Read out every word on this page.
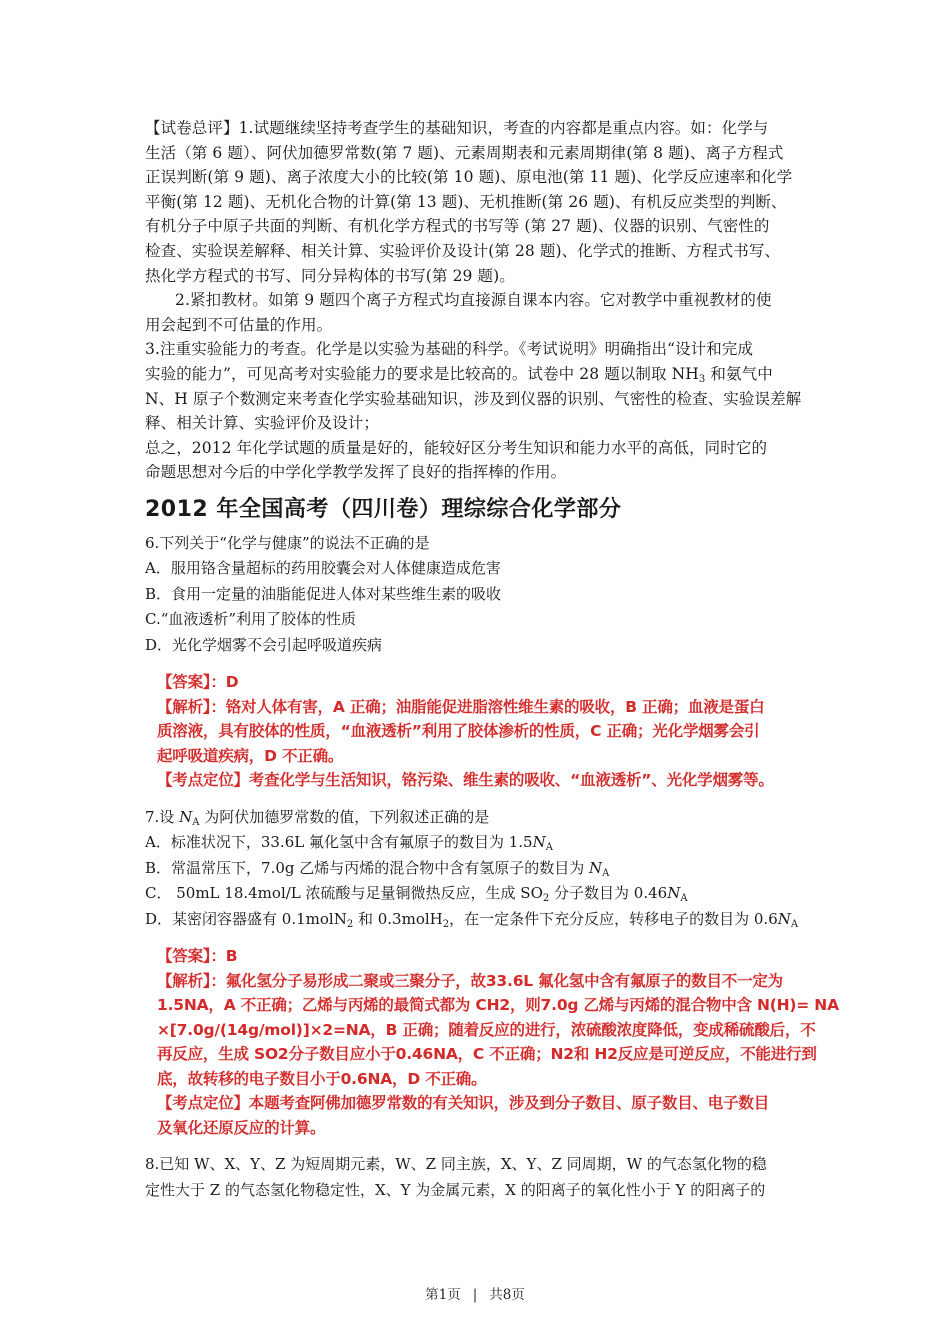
【试卷总评】1.试题继续坚持考查学生的基础知识，考查的内容都是重点内容。如：化学与
生活（第 6 题）、阿伏加德罗常数(第 7 题)、元素周期表和元素周期律(第 8 题)、离子方程式
正误判断(第 9 题)、离子浓度大小的比较(第 10 题)、原电池(第 11 题)、化学反应速率和化学
平衡(第 12 题)、无机化合物的计算(第 13 题)、无机推断(第 26 题)、有机反应类型的判断、
有机分子中原子共面的判断、有机化学方程式的书写等 (第 27 题)、仪器的识别、气密性的
检查、实验误差解释、相关计算、实验评价及设计(第 28 题)、化学式的推断、方程式书写、
热化学方程式的书写、同分异构体的书写(第 29 题)。
2.紧扣教材。如第 9 题四个离子方程式均直接源自课本内容。它对教学中重视教材的使
用会起到不可估量的作用。
3.注重实验能力的考查。化学是以实验为基础的科学。《考试说明》明确指出“设计和完成
实验的能力”，可见高考对实验能力的要求是比较高的。试卷中 28 题以制取 $NH_3$ 和氨气中
N、H 原子个数测定来考查化学实验基础知识，涉及到仪器的识别、气密性的检查、实验误差解
释、相关计算、实验评价及设计；
总之，2012 年化学试题的质量是好的，能较好区分考生知识和能力水平的高低，同时它的
命题思想对今后的中学化学教学发挥了良好的指挥棒的作用。
2012 年全国高考（四川卷）理综综合化学部分
6.下列关于“化学与健康”的说法不正确的是
A．服用铬含量超标的药用胶囊会对人体健康造成危害
B．食用一定量的油脂能促进人体对某些维生素的吸收
C.“血液透析”利用了胶体的性质
D．光化学烟雾不会引起呼吸道疾病
【答案】：D
【解析】：铬对人体有害，A 正确；油脂能促进脂溶性维生素的吸收，B 正确；血液是蛋白
质溶液，具有胶体的性质，“血液透析”利用了胶体渗析的性质，C 正确；光化学烟雾会引
起呼吸道疾病，D 不正确。
【考点定位】考查化学与生活知识，铬污染、维生素的吸收、“血液透析”、光化学烟雾等。
7.设 $N_A$ 为阿伏加德罗常数的值，下列叙述正确的是
A．标准状况下，33.6L 氟化氢中含有氟原子的数目为 $1.5N_A$
B．常温常压下，7.0g 乙烯与丙烯的混合物中含有氢原子的数目为 $N_A$
C． 50mL 18.4mol/L 浓硫酸与足量铜微热反应，生成 $SO_2$ 分子数目为 $0.46N_A$
D．某密闭容器盛有 0.1molN$_2$ 和 0.3molH$_2$，在一定条件下充分反应，转移电子的数目为 $0.6N_A$
【答案】：B
【解析】：氟化氢分子易形成二聚或三聚分子，故33.6L 氟化氢中含有氟原子的数目不一定为
1.5NA，A 不正确；乙烯与丙烯的最简式都为 CH2，则7.0g 乙烯与丙烯的混合物中含 N(H)= NA
×[7.0g/(14g/mol)]×2=NA，B 正确；随着反应的进行，浓硫酸浓度降低，变成稀硫酸后，不
再反应，生成 SO2分子数目应小于0.46NA，C 不正确；N2和 H2反应是可逆反应，不能进行到
底，故转移的电子数目小于0.6NA，D 不正确。
【考点定位】本题考查阿佛加德罗常数的有关知识，涉及到分子数目、原子数目、电子数目
及氧化还原反应的计算。
8.已知 W、X、Y、Z 为短周期元素，W、Z 同主族，X、Y、Z 同周期，W 的气态氢化物的稳
定性大于 Z 的气态氢化物稳定性，X、Y 为金属元素，X 的阳离子的氧化性小于 Y 的阳离子的
第1页 | 共8页
